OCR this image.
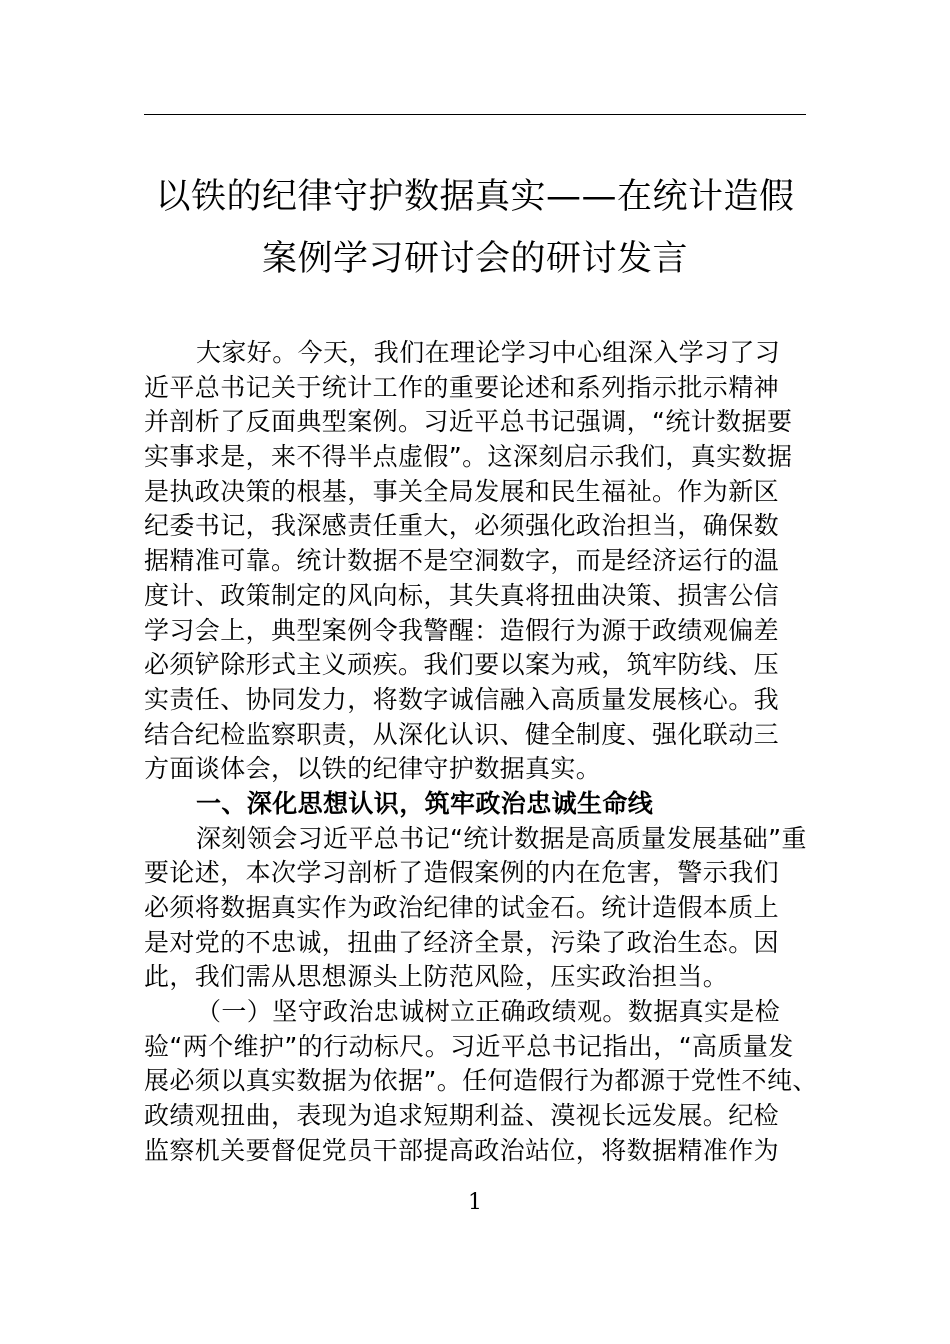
以铁的纪律守护数据真实——在统计造假
案例学习研讨会的研讨发言
大家好。今天，我们在理论学习中心组深入学习了习
近平总书记关于统计工作的重要论述和系列指示批示精神
并剖析了反面典型案例。习近平总书记强调，“统计数据要
实事求是，来不得半点虚假”。这深刻启示我们，真实数据
是执政决策的根基，事关全局发展和民生福祉。作为新区
纪委书记，我深感责任重大，必须强化政治担当，确保数
据精准可靠。统计数据不是空洞数字，而是经济运行的温
度计、政策制定的风向标，其失真将扭曲决策、损害公信
学习会上，典型案例令我警醒：造假行为源于政绩观偏差
必须铲除形式主义顽疾。我们要以案为戒，筑牢防线、压
实责任、协同发力，将数字诚信融入高质量发展核心。我
结合纪检监察职责，从深化认识、健全制度、强化联动三
方面谈体会，以铁的纪律守护数据真实。
一、深化思想认识，筑牢政治忠诚生命线
深刻领会习近平总书记“统计数据是高质量发展基础”重
要论述，本次学习剖析了造假案例的内在危害，警示我们
必须将数据真实作为政治纪律的试金石。统计造假本质上
是对党的不忠诚，扭曲了经济全景，污染了政治生态。因
此，我们需从思想源头上防范风险，压实政治担当。
（一）坚守政治忠诚树立正确政绩观。数据真实是检
验“两个维护”的行动标尺。习近平总书记指出，“高质量发
展必须以真实数据为依据”。任何造假行为都源于党性不纯、
政绩观扭曲，表现为追求短期利益、漠视长远发展。纪检
监察机关要督促党员干部提高政治站位，将数据精准作为
1
